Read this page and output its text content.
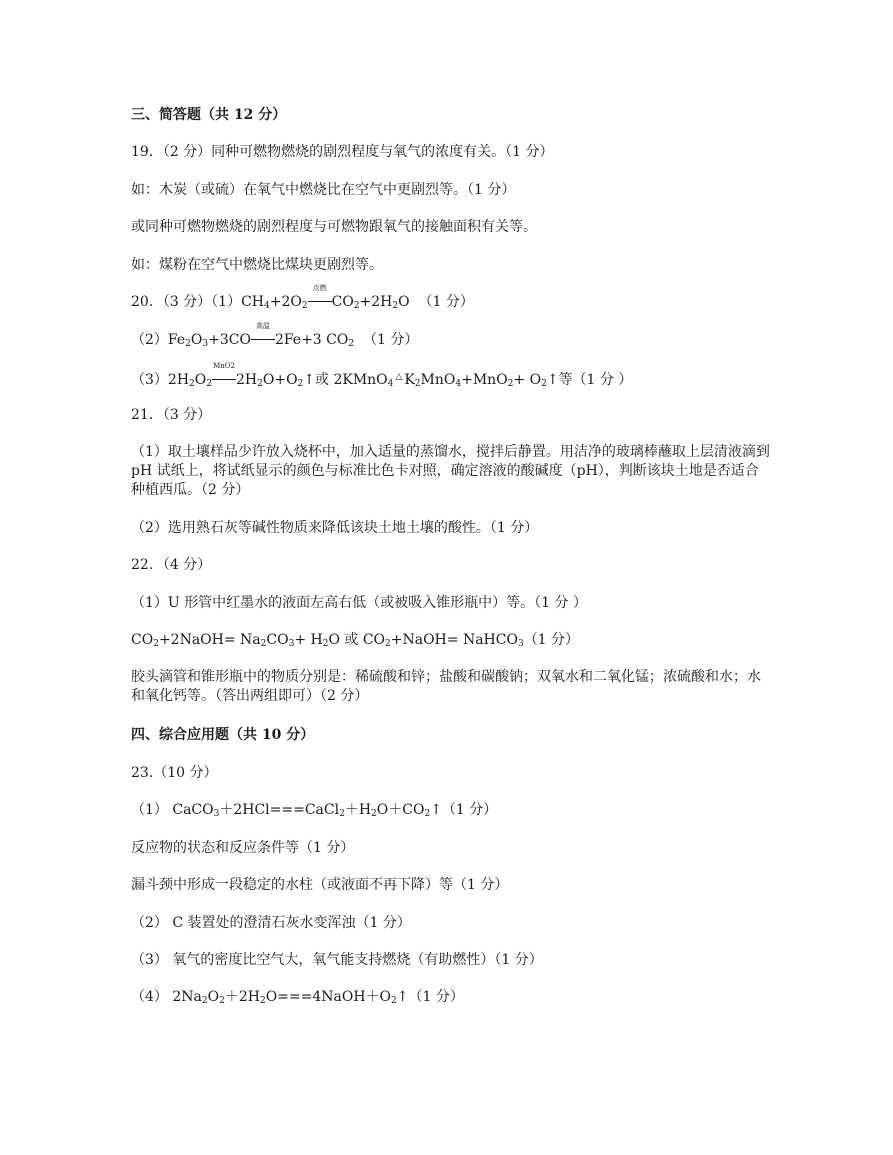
三、简答题（共 12 分）
19．（2 分）同种可燃物燃烧的剧烈程度与氧气的浓度有关。（1 分）
如：木炭（或硫）在氧气中燃烧比在空气中更剧烈等。（1 分）
或同种可燃物燃烧的剧烈程度与可燃物跟氧气的接触面积有关等。
如：煤粉在空气中燃烧比煤块更剧烈等。
20．（3 分）$(1)CH_4+2O_2$
点燃
$CO_2+2H_2O$  （1 分）
$(2)Fe_2O_3+3CO$
高温
2Fe+3 $CO_2$ （1 分）
$(3)2H_2O_2$
MnO2
$2H_2O+O_2↑$或 2KMnO$_4$△ $K_2MnO_4+MnO_2+$ $O_2↑$等（1 分 ）
21．（3 分）
（1）取土壤样品少许放入烧杯中，加入适量的蒸馏水，搅拌后静置。用洁净的玻璃棒蘸取上层清液滴到 pH 试纸上，将试纸显示的颜色与标准比色卡对照，确定溶液的酸碱度（pH），判断该块土地是否适合种植西瓜。（2 分）
（2）选用熟石灰等碱性物质来降低该块土地土壤的酸性。（1 分）
22．（4 分）
（1）U 形管中红墨水的液面左高右低（或被吸入锥形瓶中）等。（1 分 ）
$CO_2+2NaOH= Na_2CO_3+ H_2O$ 或 $CO_2+NaOH=$ NaHCO$_3$（1 分）
胶头滴管和锥形瓶中的物质分别是：稀硫酸和锌；盐酸和碳酸钠；双氧水和二氧化锰；浓硫酸和水；水和氧化钙等。（答出两组即可）（2 分）
四、综合应用题（共 10 分）
23.（10 分）
（1） $CaCO_3+2HCl===CaCl_2+H_2O+CO_2↑(1$ 分）
反应物的状态和反应条件等（1 分）
漏斗颈中形成一段稳定的水柱（或液面不再下降）等（1 分）
（2） C 装置处的澄清石灰水变浑浊（1 分）
（3） 氧气的密度比空气大，氧气能支持燃烧（有助燃性）（1 分）
（4） $2Na_2O_2+2H_2O===4NaOH+O_2↑(1$ 分）
